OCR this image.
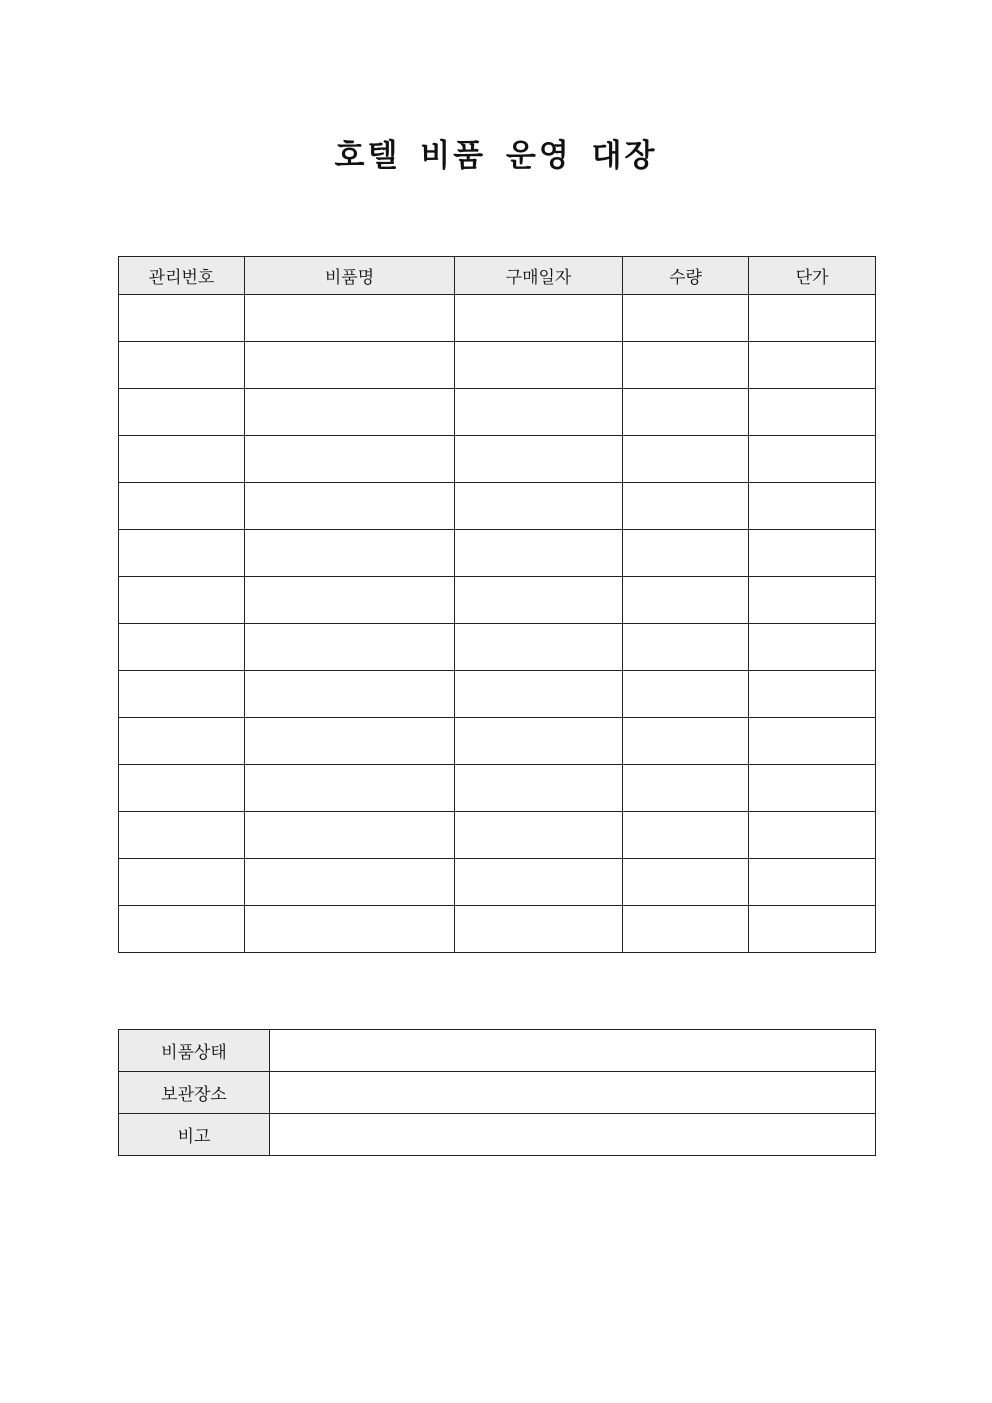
호텔 비품 운영 대장
관리번호	비품명	구매일자	수량	단가

비품상태	
보관장소	
비고	
